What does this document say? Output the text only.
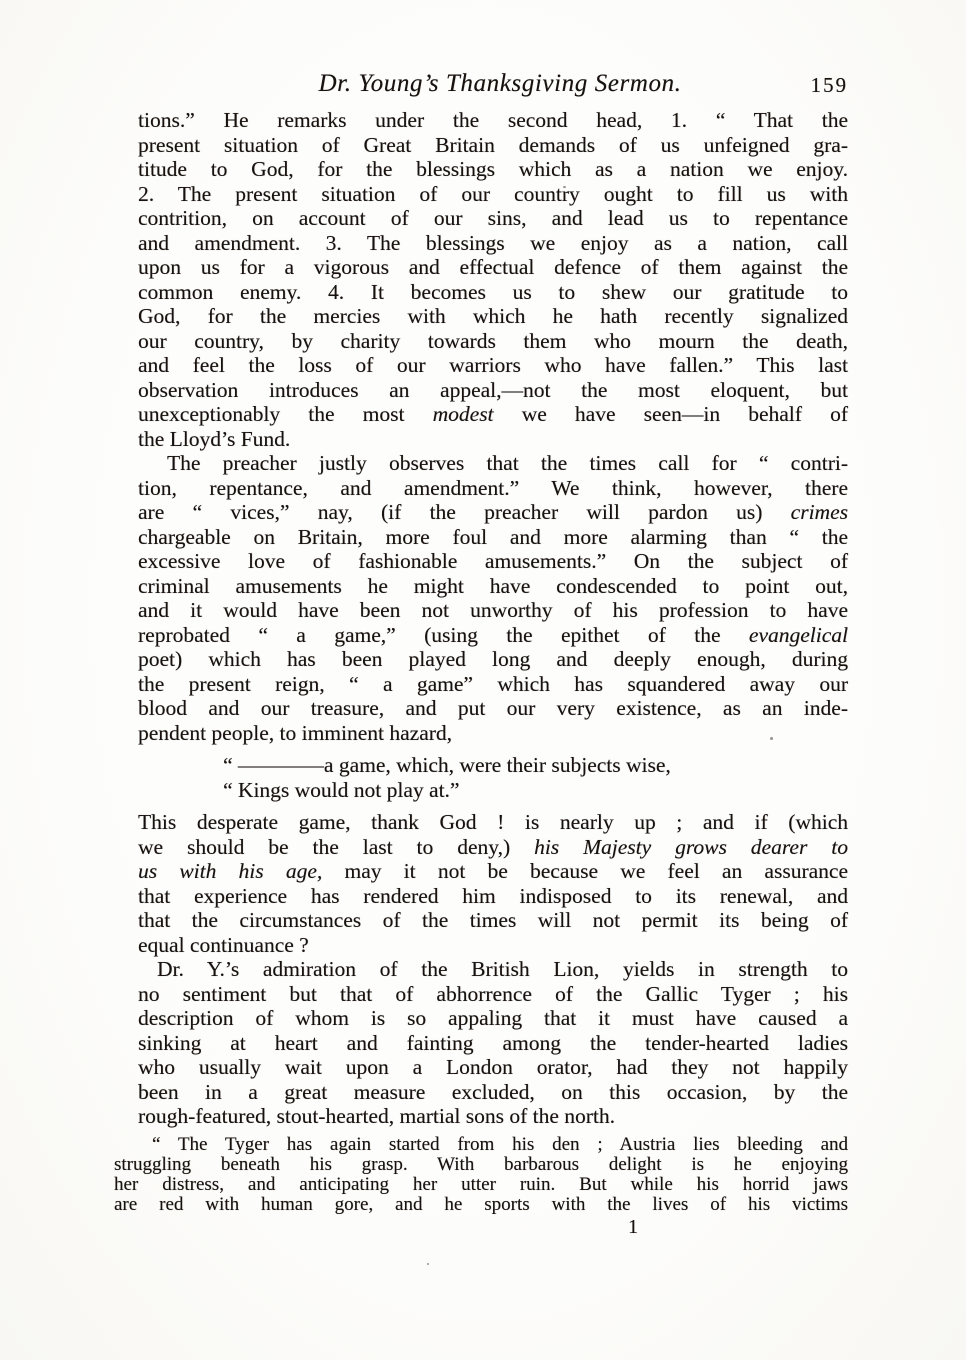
Dr. Young’s Thanksgiving Sermon.	159
tions.” He remarks under the second head, 1. “ That the
present situation of Great Britain demands of us unfeigned gra-
titude to God, for the blessings which as a nation we enjoy.
2. The present situation of our country ought to fill us with
contrition, on account of our sins, and lead us to repentance
and amendment. 3. The blessings we enjoy as a nation, call
upon us for a vigorous and effectual defence of them against the
common enemy. 4. It becomes us to shew our gratitude to
God, for the mercies with which he hath recently signalized
our country, by charity towards them who mourn the death,
and feel the loss of our warriors who have fallen.” This last
observation introduces an appeal,—not the most eloquent, but
unexceptionably the most modest we have seen—in behalf of
the Lloyd’s Fund.
The preacher justly observes that the times call for “ contri-
tion, repentance, and amendment.” We think, however, there
are “ vices,” nay, (if the preacher will pardon us) crimes
chargeable on Britain, more foul and more alarming than “ the
excessive love of fashionable amusements.” On the subject of
criminal amusements he might have condescended to point out,
and it would have been not unworthy of his profession to have
reprobated “ a game,” (using the epithet of the evangelical
poet) which has been played long and deeply enough, during
the present reign, “ a game” which has squandered away our
blood and our treasure, and put our very existence, as an inde-
pendent people, to imminent hazard,
“ ————a game, which, were their subjects wise,
“ Kings would not play at.”
This desperate game, thank God ! is nearly up ; and if (which
we should be the last to deny,) his Majesty grows dearer to
us with his age, may it not be because we feel an assurance
that experience has rendered him indisposed to its renewal, and
that the circumstances of the times will not permit its being of
equal continuance ?
Dr. Y.’s admiration of the British Lion, yields in strength to
no sentiment but that of abhorrence of the Gallic Tyger ; his
description of whom is so appaling that it must have caused a
sinking at heart and fainting among the tender-hearted ladies
who usually wait upon a London orator, had they not happily
been in a great measure excluded, on this occasion, by the
rough-featured, stout-hearted, martial sons of the north.
“ The Tyger has again started from his den ; Austria lies bleeding and
struggling beneath his grasp. With barbarous delight is he enjoying
her distress, and anticipating her utter ruin. But while his horrid jaws
are red with human gore, and he sports with the lives of his victims
1
